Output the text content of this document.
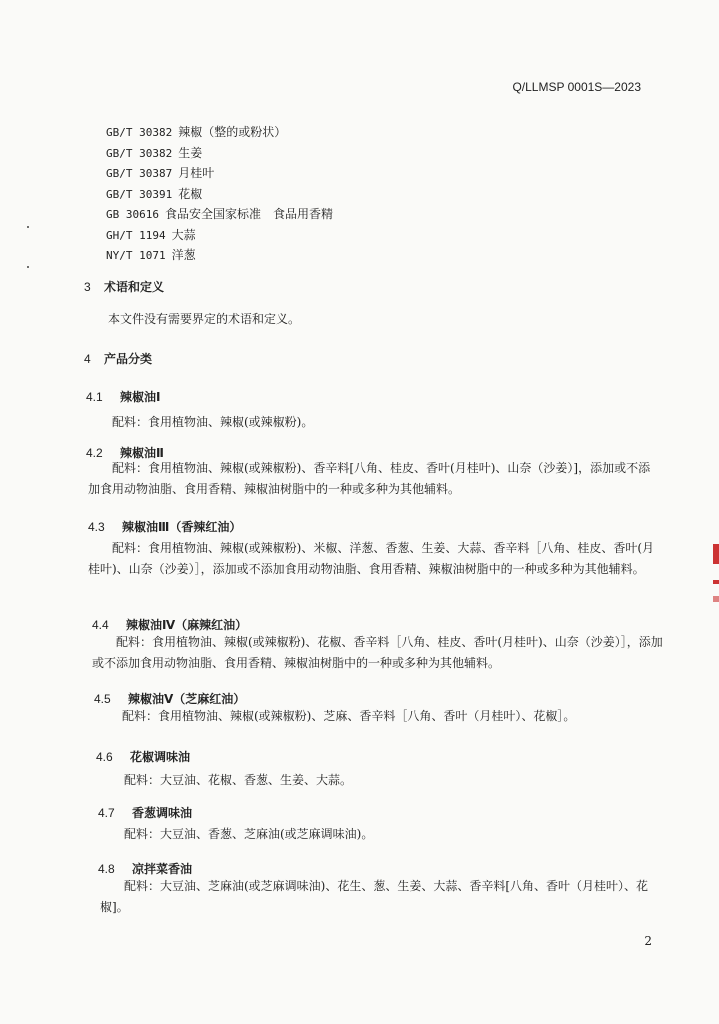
Q/LLMSP 0001S—2023
GB/T 30382 辣椒（整的或粉状）
GB/T 30382 生姜
GB/T 30387 月桂叶
GB/T 30391 花椒
GB 30616 食品安全国家标准　食品用香精
GH/T 1194 大蒜
NY/T 1071 洋葱
3 术语和定义
本文件没有需要界定的术语和定义。
4 产品分类
4.1 辣椒油Ⅰ
配料：食用植物油、辣椒(或辣椒粉)。
4.2 辣椒油Ⅱ
配料：食用植物油、辣椒(或辣椒粉)、香辛料[八角、桂皮、香叶(月桂叶)、山奈（沙姜）]，添加或不添加食用动物油脂、食用香精、辣椒油树脂中的一种或多种为其他辅料。
4.3 辣椒油Ⅲ（香辣红油）
配料：食用植物油、辣椒(或辣椒粉)、米椒、洋葱、香葱、生姜、大蒜、香辛料［八角、桂皮、香叶(月桂叶)、山奈（沙姜）］，添加或不添加食用动物油脂、食用香精、辣椒油树脂中的一种或多种为其他辅料。
4.4 辣椒油Ⅳ（麻辣红油）
配料：食用植物油、辣椒(或辣椒粉)、花椒、香辛料［八角、桂皮、香叶(月桂叶)、山奈（沙姜）］，添加或不添加食用动物油脂、食用香精、辣椒油树脂中的一种或多种为其他辅料。
4.5 辣椒油Ⅴ（芝麻红油）
配料：食用植物油、辣椒(或辣椒粉)、芝麻、香辛料［八角、香叶（月桂叶）、花椒］。
4.6 花椒调味油
配料：大豆油、花椒、香葱、生姜、大蒜。
4.7 香葱调味油
配料：大豆油、香葱、芝麻油(或芝麻调味油)。
4.8 凉拌菜香油
配料：大豆油、芝麻油(或芝麻调味油)、花生、葱、生姜、大蒜、香辛料[八角、香叶（月桂叶）、花椒]。
2
